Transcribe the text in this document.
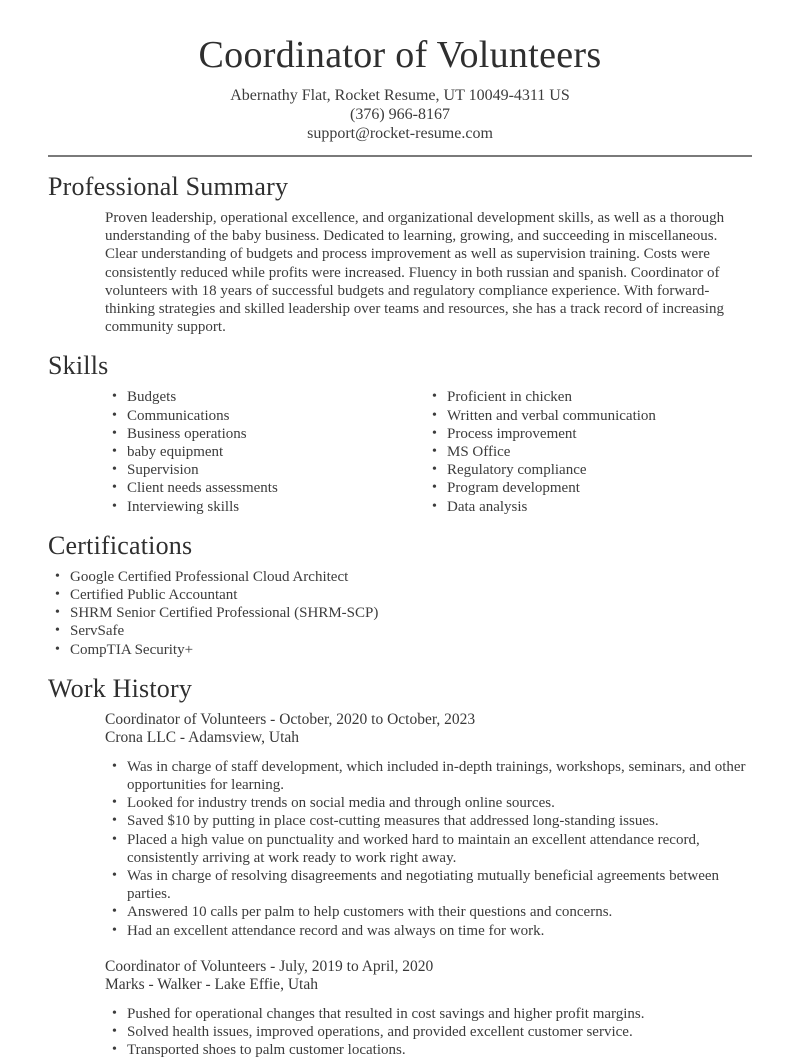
Coordinator of Volunteers
Abernathy Flat, Rocket Resume, UT 10049-4311 US
(376) 966-8167
support@rocket-resume.com
Professional Summary

Proven leadership, operational excellence, and organizational development skills, as well as a thorough understanding of the baby business. Dedicated to learning, growing, and succeeding in miscellaneous. Clear understanding of budgets and process improvement as well as supervision training. Costs were consistently reduced while profits were increased. Fluency in both russian and spanish. Coordinator of volunteers with 18 years of successful budgets and regulatory compliance experience. With forward-thinking strategies and skilled leadership over teams and resources, she has a track record of increasing community support.

Skills
• Budgets
• Communications
• Business operations
• baby equipment
• Supervision
• Client needs assessments
• Interviewing skills
• Proficient in chicken
• Written and verbal communication
• Process improvement
• MS Office
• Regulatory compliance
• Program development
• Data analysis
Certifications
• Google Certified Professional Cloud Architect
• Certified Public Accountant
• SHRM Senior Certified Professional (SHRM-SCP)
• ServSafe
• CompTIA Security+
Work History
Coordinator of Volunteers - October, 2020 to October, 2023
Crona LLC - Adamsview, Utah
• Was in charge of staff development, which included in-depth trainings, workshops, seminars, and other opportunities for learning.
• Looked for industry trends on social media and through online sources.
• Saved $10 by putting in place cost-cutting measures that addressed long-standing issues.
• Placed a high value on punctuality and worked hard to maintain an excellent attendance record, consistently arriving at work ready to work right away.
• Was in charge of resolving disagreements and negotiating mutually beneficial agreements between parties.
• Answered 10 calls per palm to help customers with their questions and concerns.
• Had an excellent attendance record and was always on time for work.
Coordinator of Volunteers - July, 2019 to April, 2020
Marks - Walker - Lake Effie, Utah
• Pushed for operational changes that resulted in cost savings and higher profit margins.
• Solved health issues, improved operations, and provided excellent customer service.
• Transported shoes to palm customer locations.
